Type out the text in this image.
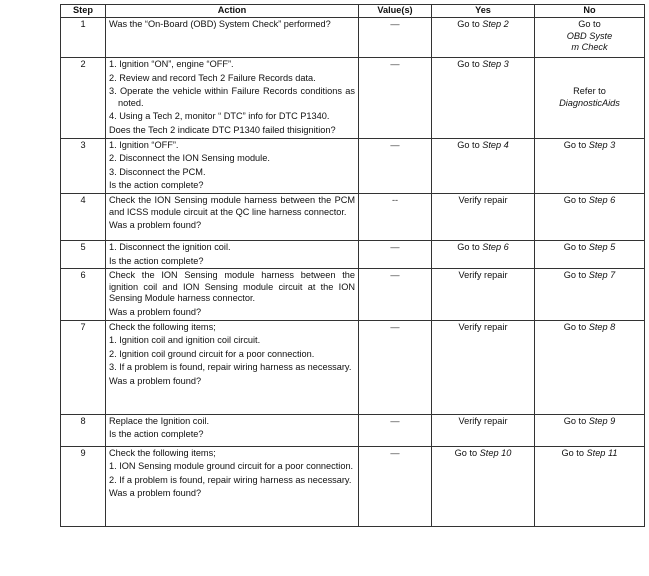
Step	Action	Value(s)	Yes	No
1	Was the “On-Board (OBD) System Check” performed?	—	Go to Step 2	Go to
OBD System Check

2	1. Ignition “ON”, engine “OFF”.
2. Review and record Tech 2 Failure Records data.
3. Operate the vehicle within Failure Records conditions as noted.
4. Using a Tech 2, monitor “ DTC” info for DTC P1340.
Does the Tech 2 indicate DTC P1340 failed thisignition?	—	Go to Step 3	Refer to
DiagnosticAids

3	1. Ignition “OFF”.
2. Disconnect the ION Sensing module.
3. Disconnect the PCM.
Is the action complete?	—	Go to Step 4	Go to Step 3
4	Check the ION Sensing module harness between the PCM and ICSS module circuit at the QC line harness connector.
Was a problem found?	--	Verify repair	Go to Step 6
5	1. Disconnect the ignition coil.
Is the action complete?	—	Go to Step 6	Go to Step 5
6	Check the ION Sensing module harness between the ignition coil and ION Sensing module circuit at the ION Sensing Module harness connector.
Was a problem found?	—	Verify repair	Go to Step 7
7	Check the following items;
1. Ignition coil and ignition coil circuit.
2. Ignition coil ground circuit for a poor connection.
3. If a problem is found, repair wiring harness as necessary.
Was a problem found?	—	Verify repair	Go to Step 8
8	Replace the Ignition coil.
Is the action complete?	—	Verify repair	Go to Step 9
9	Check the following items;
1. ION Sensing module ground circuit for a poor connection.
2. If a problem is found, repair wiring harness as necessary.
Was a problem found?	—	Go to Step 10	Go to Step 11
